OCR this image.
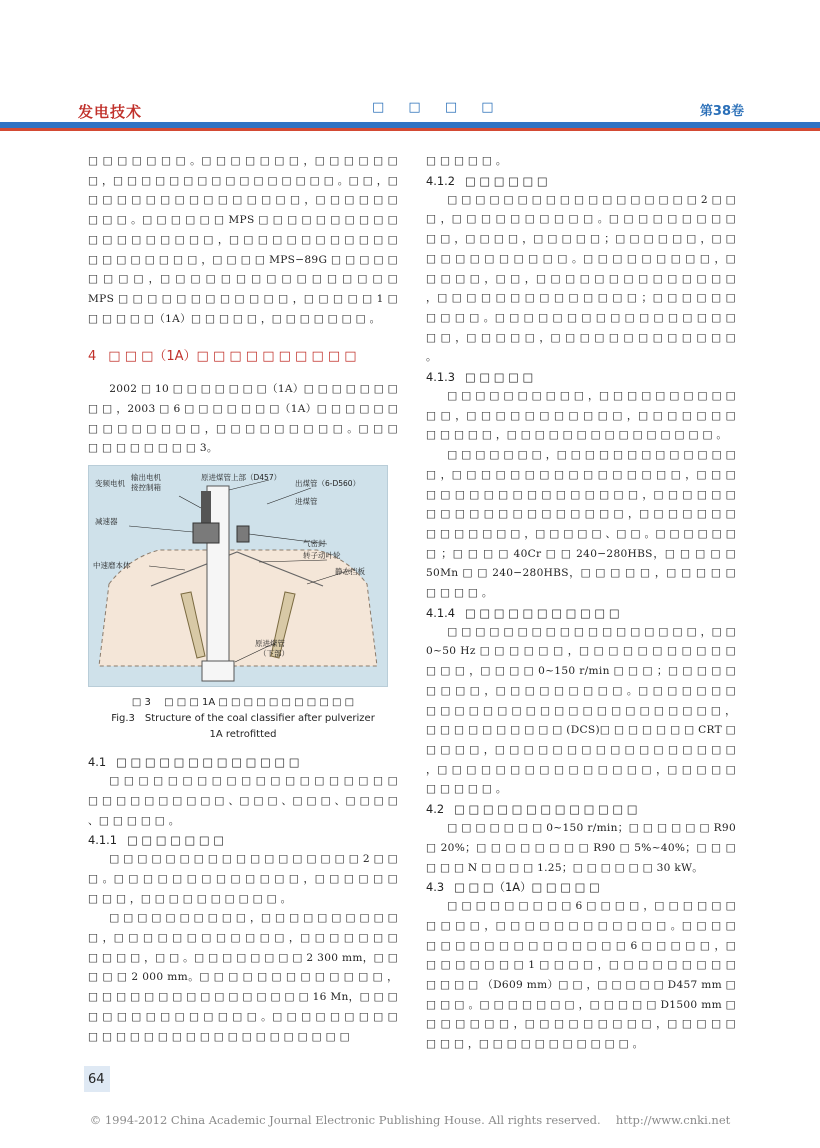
发电技术	□ □ □ □	第38卷

□ □ □ □ □ □ □ 。□ □ □ □ □ □ □ ，□ □ □ □ □ □ □ ，□ □ □ □ □ □ □ □ □ □ □ □ □ □ □ □ 。□ □ ，□ □ □ □ □ □ □ □ □ □ □ □ □ □ □ □ ，□ □ □ □ □ □ □ □ □ 。□ □ □ □ □ □ MPS □ □ □ □ □ □ □ □ □ □ □ □ □ □ □ □ □ □ □ ，□ □ □ □ □ □ □ □ □ □ □ □ □ □ □ □ □ □ □ □ ，□ □ □ □ MPS−89G □ □ □ □ □ □ □ □ □ ，□ □ □ □ □ □ □ □ □ □ □ □ □ □ □ □ MPS □ □ □ □ □ □ □ □ □ □ □ □ ，□ □ □ □ □ 1 □ □ □ □ □ □（1A）□ □ □ □ □ ，□ □ □ □ □ □ □ 。

4 □ □ □（1A）□ □ □ □ □ □ □ □ □ □

2002 □ 10 □ □ □ □ □ □ □（1A）□ □ □ □ □ □ □ □ □ ，2003 □ 6 □ □ □ □ □ □ □（1A）□ □ □ □ □ □ □ □ □ □ □ □ □ □ ，□ □ □ □ □ □ □ □ □ 。□ □ □ □ □ □ □ □ □ □ □ 3。

输出电机
接控制箱
变频电机
原进煤管上部（D457）
出煤管（6-D560）
进煤管
减速器
气密封
转子动叶轮
静态挡板
中速磨本体
原进煤管
（下部）
□ 3 　□ □ □ 1A □ □ □ □ □ □ □ □ □ □ □
Fig.3　Structure of the coal classifier after pulverizer
1A retrofitted
4.1 □ □ □ □ □ □ □ □ □ □ □ □ □

□ □ □ □ □ □ □ □ □ □ □ □ □ □ □ □ □ □ □ □ □ □ □ □ □ □ □ □ □ □ 、□ □ □ 、□ □ □ 、□ □ □ □ 、□ □ □ □ □ 。

4.1.1 □ □ □ □ □ □ □

□ □ □ □ □ □ □ □ □ □ □ □ □ □ □ □ □ □ 2 □ □ □ 。□ □ □ □ □ □ □ □ □ □ □ □ □ ，□ □ □ □ □ □ □ □ □ ，□ □ □ □ □ □ □ □ □ □ 。

□ □ □ □ □ □ □ □ □ □ ，□ □ □ □ □ □ □ □ □ □ □ ，□ □ □ □ □ □ □ □ □ □ □ □ ，□ □ □ □ □ □ □ □ □ □ □ ，□ □ 。□ □ □ □ □ □ □ □ 2 300 mm，□ □ □ □ □ 2 000 mm。□ □ □ □ □ □ □ □ □ □ □ □ □ ，□ □ □ □ □ □ □ □ □ □ □ □ □ □ □ □ 16 Mn，□ □ □ □ □ □ □ □ □ □ □ □ □ □ □ 。□ □ □ □ □ □ □ □ □ □ □ □ □ □ □ □ □ □ □ □ □ □ □ □ □ □ □ □

□ □ □ □ □ 。

4.1.2 □ □ □ □ □ □

□ □ □ □ □ □ □ □ □ □ □ □ □ □ □ □ □ □ 2 □ □ □ ，□ □ □ □ □ □ □ □ □ □ 。□ □ □ □ □ □ □ □ □ □ □ ，□ □ □ □ ，□ □ □ □ □ ；□ □ □ □ □ □ ，□ □ □ □ □ □ □ □ □ □ □ □ 。□ □ □ □ □ □ □ □ □ ，□ □ □ □ □ ，□ □ ，□ □ □ □ □ □ □ □ □ □ □ □ □ □ ，□ □ □ □ □ □ □ □ □ □ □ □ □ □ ；□ □ □ □ □ □ □ □ □ □ 。□ □ □ □ □ □ □ □ □ □ □ □ □ □ □ □ □ □ □ ，□ □ □ □ □ ，□ □ □ □ □ □ □ □ □ □ □ □ □ 。

4.1.3 □ □ □ □ □

□ □ □ □ □ □ □ □ □ □ ，□ □ □ □ □ □ □ □ □ □ □ □ ，□ □ □ □ □ □ □ □ □ □ □ ，□ □ □ □ □ □ □ □ □ □ □ □ ，□ □ □ □ □ □ □ □ □ □ □ □ □ □ □ 。

□ □ □ □ □ □ □ ，□ □ □ □ □ □ □ □ □ □ □ □ □ □ ，□ □ □ □ □ □ □ □ □ □ □ □ □ □ □ □ ，□ □ □ □ □ □ □ □ □ □ □ □ □ □ □ □ □ □ ，□ □ □ □ □ □ □ □ □ □ □ □ □ □ □ □ □ □ □ □ ，□ □ □ □ □ □ □ □ □ □ □ □ □ □ ，□ □ □ □ □ 、□ □ 。□ □ □ □ □ □ □ ；□ □ □ □ 40Cr □ □ 240−280HBS，□ □ □ □ □ 50Mn □ □ 240−280HBS，□ □ □ □ □ ，□ □ □ □ □ □ □ □ □ 。

4.1.4 □ □ □ □ □ □ □ □ □ □ □

□ □ □ □ □ □ □ □ □ □ □ □ □ □ □ □ □ □ ，□ □ 0~50 Hz □ □ □ □ □ □ ，□ □ □ □ □ □ □ □ □ □ □ □ □ □ ，□ □ □ □ 0~150 r/min □ □ □ ；□ □ □ □ □ □ □ □ □ ，□ □ □ □ □ □ □ □ □ 。□ □ □ □ □ □ □ □ □ □ □ □ □ □ □ □ □ □ □ □ □ □ □ □ □ □ □ □ ，□ □ □ □ □ □ □ □ □ □ (DCS)□ □ □ □ □ □ □ CRT □ □ □ □ □ ，□ □ □ □ □ □ □ □ □ □ □ □ □ □ □ □ □ ，□ □ □ □ □ □ □ □ □ □ □ □ □ □ □ ，□ □ □ □ □ □ □ □ □ □ 。

4.2 □ □ □ □ □ □ □ □ □ □ □ □ □

□ □ □ □ □ □ □ 0~150 r/min；□ □ □ □ □ □ R90 □ 20%；□ □ □ □ □ □ □ □ R90 □ 5%~40%；□ □ □ □ □ □ N □ □ □ □ 1.25；□ □ □ □ □ □ 30 kW。

4.3 □ □ □（1A）□ □ □ □ □

□ □ □ □ □ □ □ □ □ 6 □ □ □ □ ，□ □ □ □ □ □ □ □ □ □ ，□ □ □ □ □ □ □ □ □ □ □ □ 。□ □ □ □ □ □ □ □ □ □ □ □ □ □ □ □ □ □ 6 □ □ □ □ □ ，□ □ □ □ □ □ □ □ 1 □ □ □ □ ，□ □ □ □ □ □ □ □ □ □ □ □ □ （D609 mm）□ □ ，□ □ □ □ □ D457 mm □ □ □ □ 。□ □ □ □ □ □ □ ，□ □ □ □ □ D1500 mm □ □ □ □ □ □ □ ，□ □ □ □ □ □ □ □ □ ，□ □ □ □ □ □ □ □ ，□ □ □ □ □ □ □ □ □ □ □ 。

64
© 1994-2012 China Academic Journal Electronic Publishing House. All rights reserved.　 http://www.cnki.net
